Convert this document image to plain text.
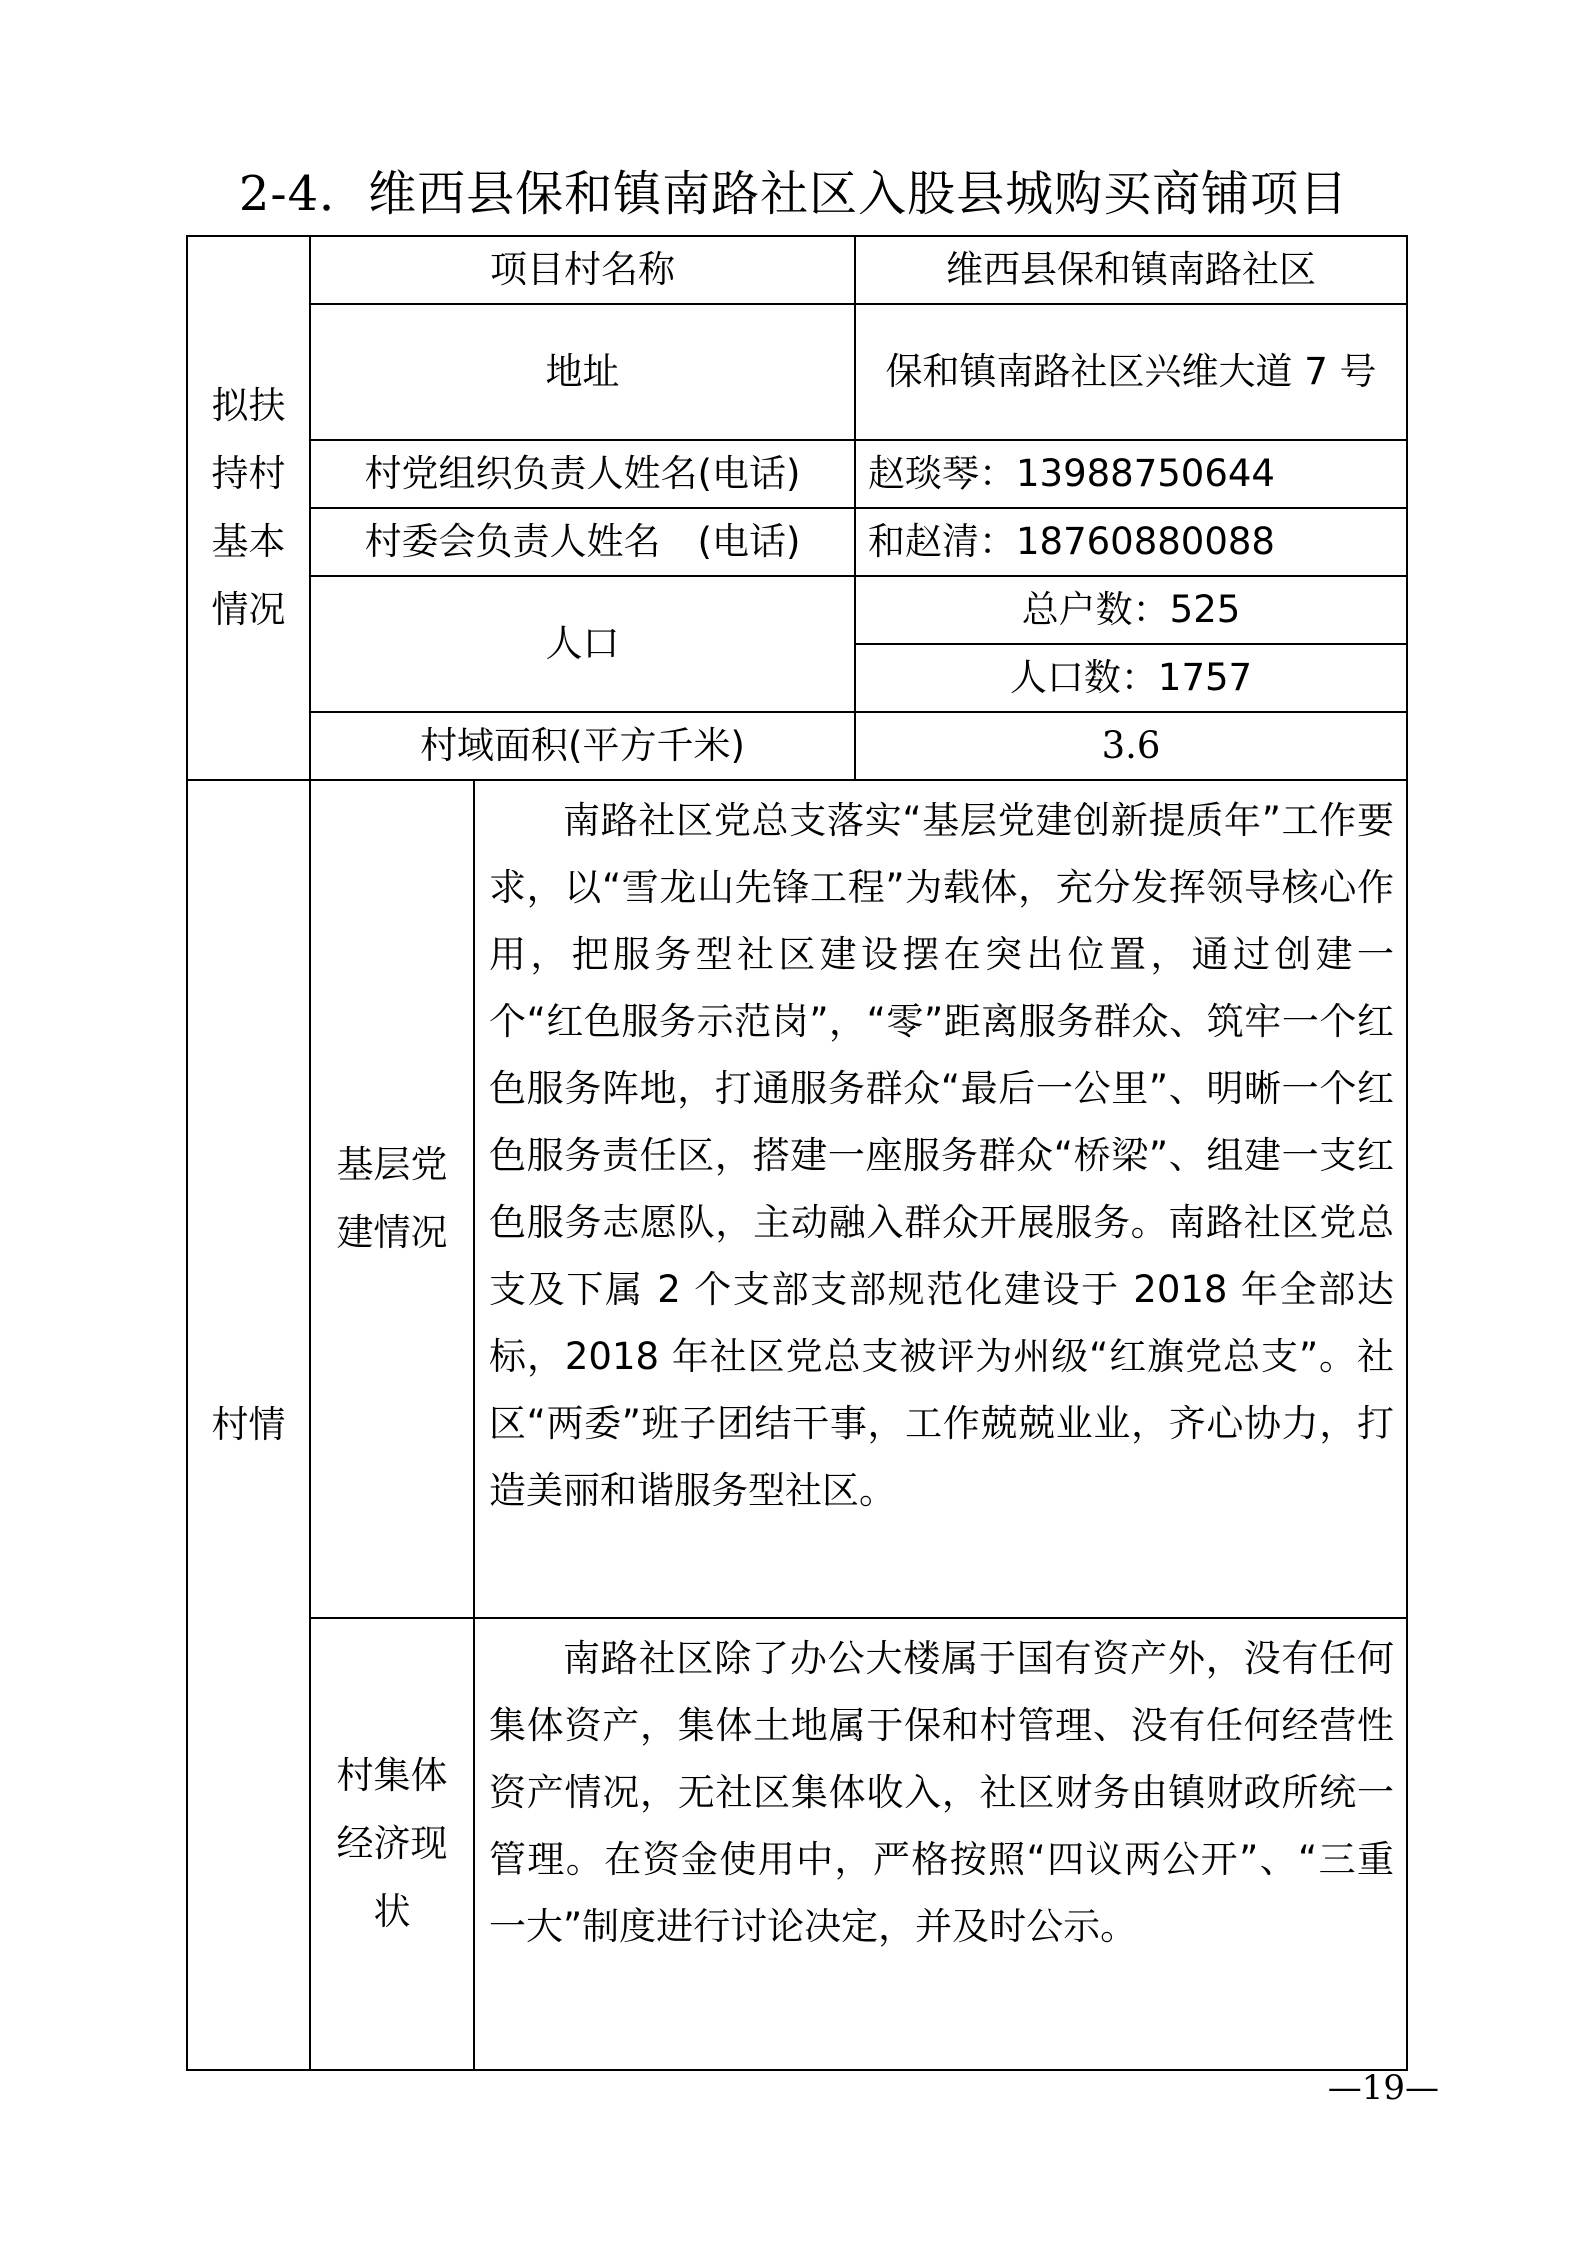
2-4．维西县保和镇南路社区入股县城购买商铺项目
拟扶持村基本情况	项目村名称		维西县保和镇南路社区
	地址		保和镇南路社区兴维大道 7 号
	村党组织负责人姓名(电话)		赵琰琴：13988750644
	村委会负责人姓名　(电话)		和赵清：18760880088
	人口		总户数：525
			人口数：1757
	村域面积(平方千米)		3.6
村情	基层党建情况	南路社区党总支落实“基层党建创新提质年”工作要求，以“雪龙山先锋工程”为载体，充分发挥领导核心作用，把服务型社区建设摆在突出位置，通过创建一个“红色服务示范岗”，“零”距离服务群众、筑牢一个红色服务阵地，打通服务群众“最后一公里”、明晰一个红色服务责任区，搭建一座服务群众“桥梁”、组建一支红色服务志愿队，主动融入群众开展服务。南路社区党总支及下属 2 个支部支部规范化建设于 2018 年全部达标，2018 年社区党总支被评为州级“红旗党总支”。社区“两委”班子团结干事，工作兢兢业业，齐心协力，打造美丽和谐服务型社区。	
	村集体经济现状	南路社区除了办公大楼属于国有资产外，没有任何集体资产，集体土地属于保和村管理、没有任何经营性资产情况，无社区集体收入，社区财务由镇财政所统一管理。在资金使用中，严格按照“四议两公开”、“三重一大”制度进行讨论决定，并及时公示。	
—19—
